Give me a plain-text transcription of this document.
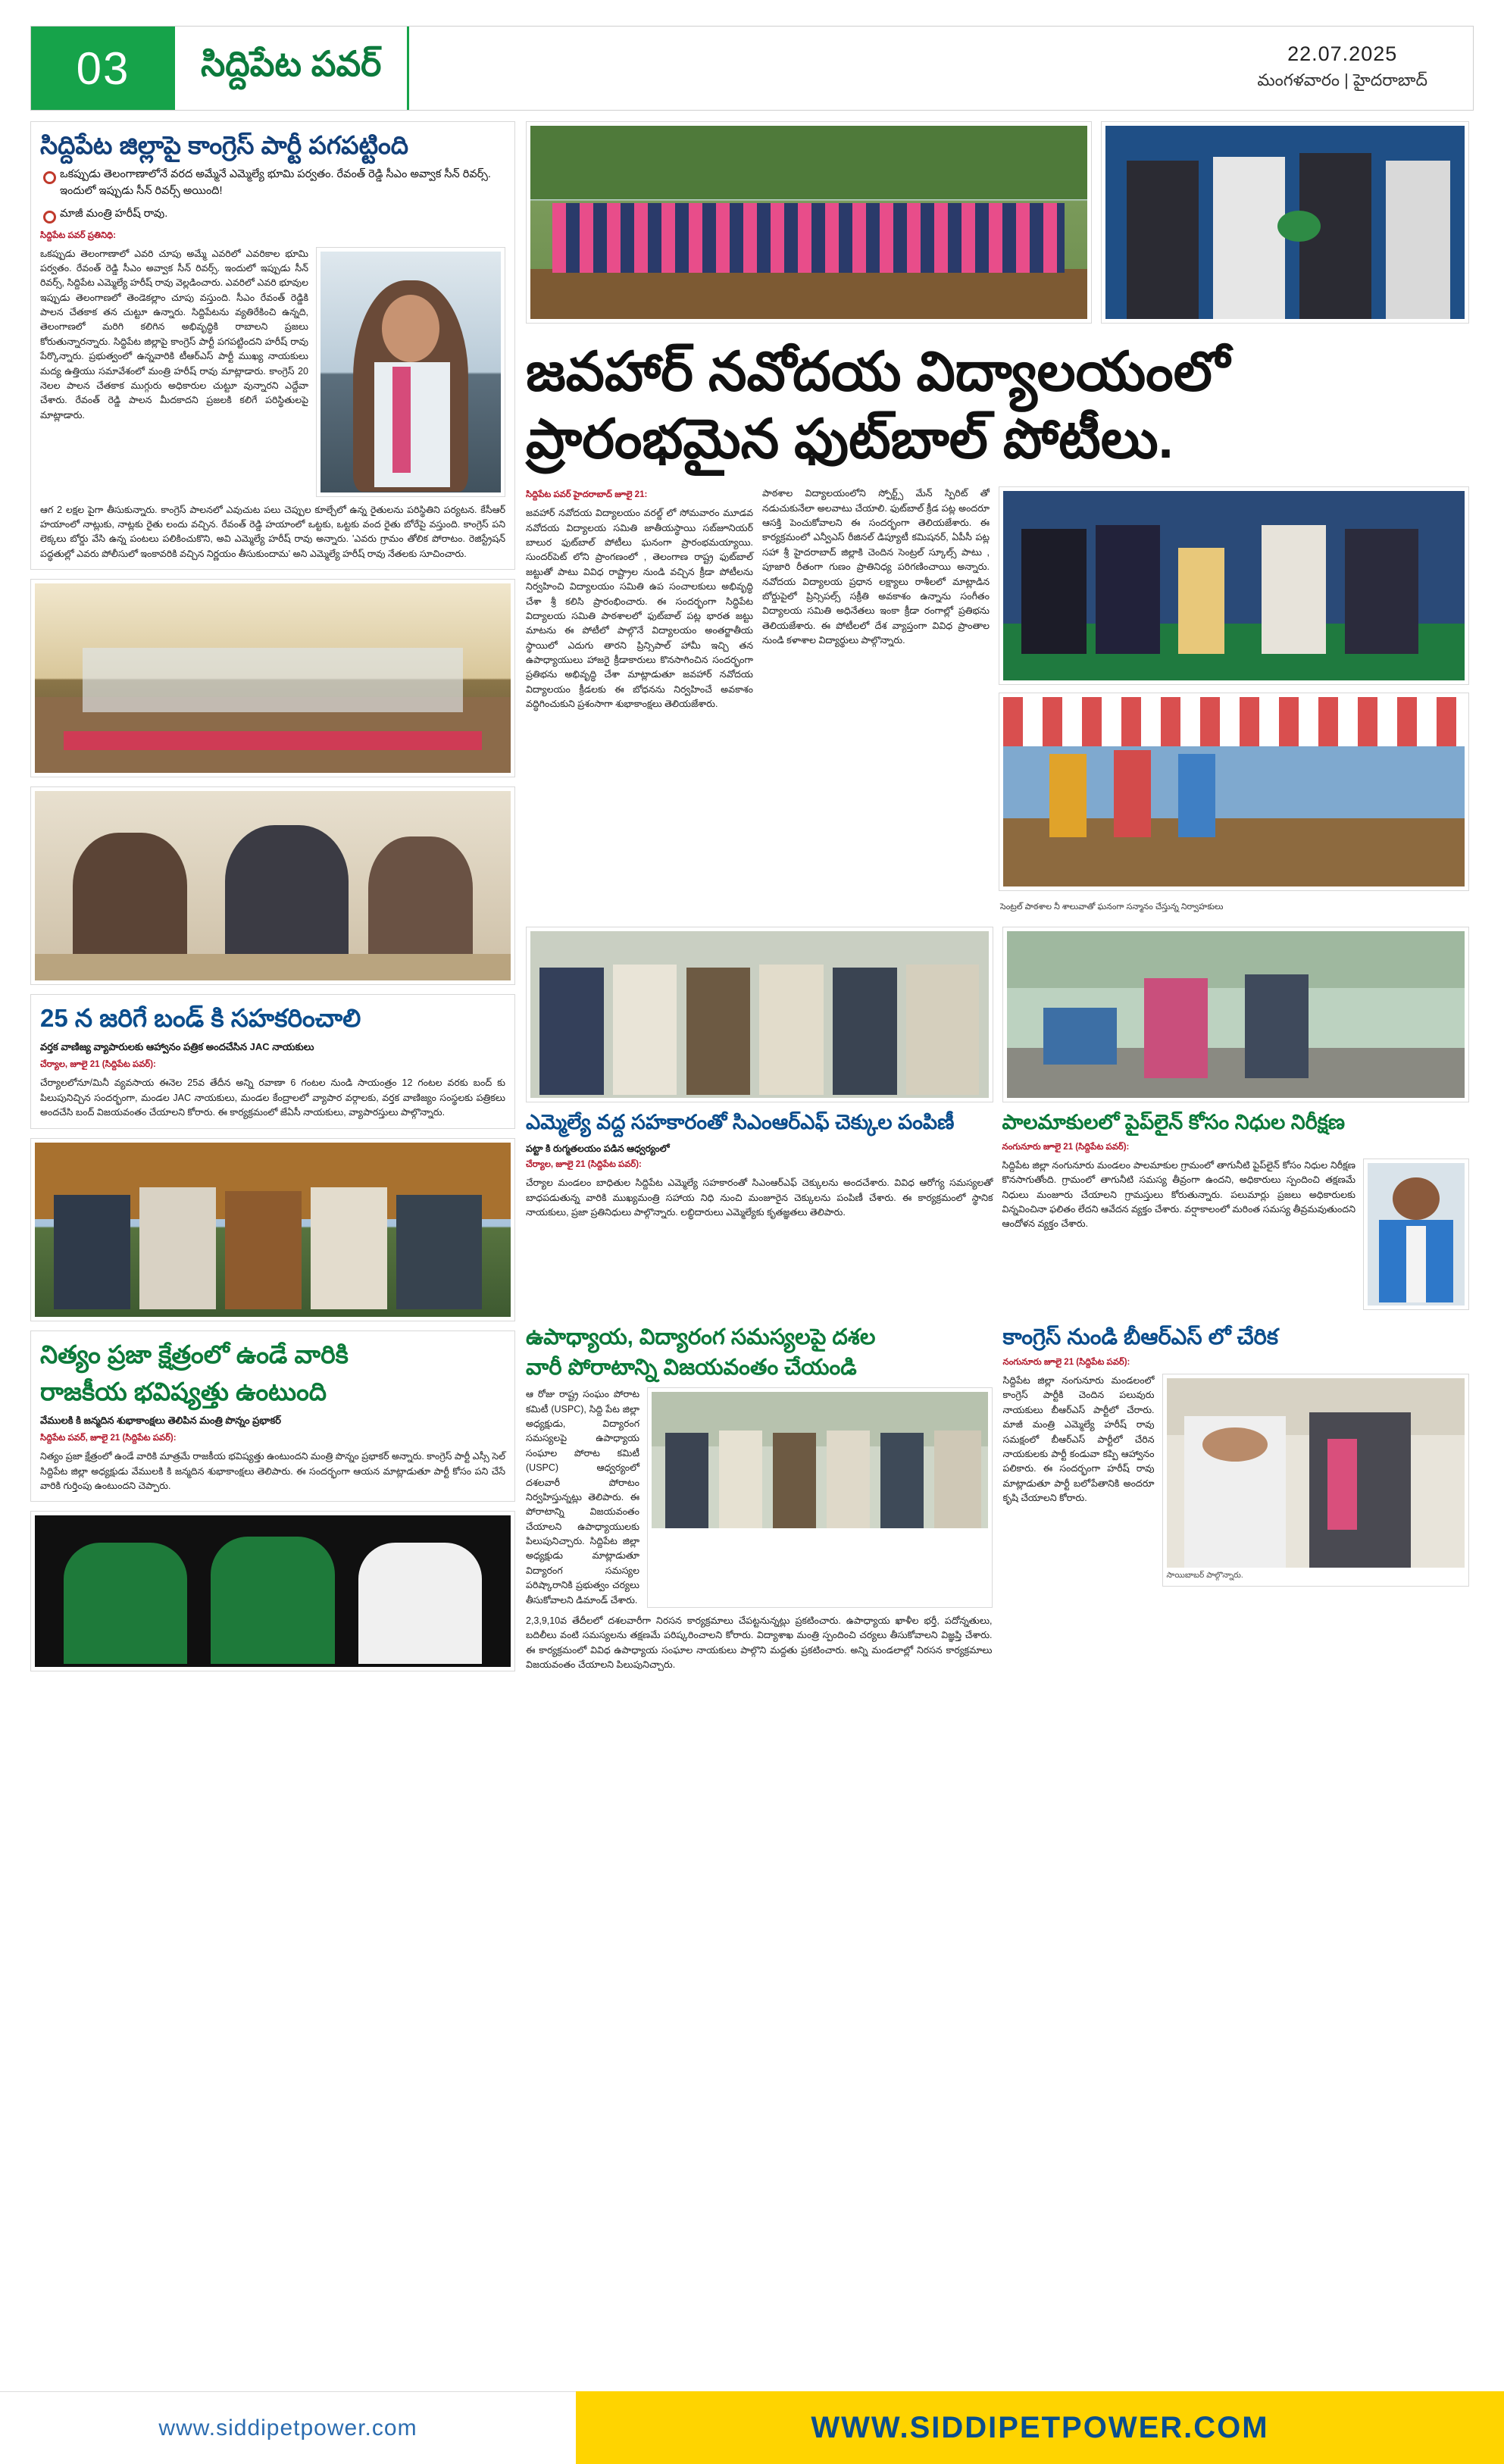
03	సిద్దిపేట పవర్	22.07.2025
మంగళవారం | హైదరాబాద్
సిద్దిపేట జిల్లాపై కాంగ్రెస్ పార్టీ పగపట్టింది
ఒకప్పుడు తెలంగాణాలోనే వరద అమ్మేనే ఎమ్మెల్యే భూమి పర్వతం. రేవంత్ రెడ్డి సీఎం అవ్వాక సీన్ రివర్స్. ఇందులో ఇప్పుడు సీన్ రివర్స్ అయింది!
మాజీ మంత్రి హరీష్ రావు.
సిద్దిపేట పవర్ ప్రతినిధి:
ఒకప్పుడు తెలంగాణాలో ఎవరి చూపు అమ్మే ఎవరిలో ఎవరికాల భూమి పర్వతం. రేవంత్ రెడ్డి సీఎం అవ్వాక సీన్ రివర్స్. ఇందులో ఇప్పుడు సీన్ రివర్స్, సిద్దిపేట ఎమ్మెల్యే హరీష్ రావు వెల్లడించారు. ఎవరిలో ఎవరి భూవుల ఇప్పుడు తెలంగాణలో తెండెకల్లాం చూపు వస్తుంది. సీఎం రేవంత్ రెడ్డికి పాలన చేతకాక తన చుట్టూ ఉన్నారు. సిద్దిపేటను వ్యతిరేకించి ఉన్నది, తెలంగాణలో మరిగి కలిగిన అభివృద్ధికి రాబాలని ప్రజలు కోరుతున్నారన్నారు. సిద్ధిపేట జిల్లాపై కాంగ్రెస్ పార్టీ పగపట్టిందని హరీష్ రావు పేర్కొన్నారు. ప్రభుత్వంలో ఉన్నవారికి టీఆర్ఎస్ పార్టీ ముఖ్య నాయకులు మద్య ఉత్తియు సమావేశంలో మంత్రి హరీష్ రావు మాట్లాడారు. కాంగ్రెస్ 20 నెలల పాలన చేతకాక ముగ్గురు అధికారుల చుట్టూ వున్నారని ఎద్దేవా చేశారు. రేవంత్ రెడ్డి పాలన మీదకాదని ప్రజలకి కలిగే పరిస్థితులపై మాట్లాడారు.
ఆగ 2 లక్షల పైగా తీసుకున్నారు. కాంగ్రెస్ పాలనలో ఎవుచుట పలు చెప్పుల కూల్చేలో ఉన్న రైతులను పరిస్థితిని పర్యటన. కేసీఆర్ హయాంలో నాట్లుకు, నాట్లకు రైతు లందు వచ్చిన. రేవంత్ రెడ్డి హయాంలో ఒట్టకు, ఒట్టకు వంద రైతు బోరేపై వస్తుంది. కాంగ్రెస్ పని లెక్కలు బోర్డు వేసి ఉన్న పంటలు పలికించుకొని, అవి ఎమ్మెల్యే హరీష్ రావు అన్నారు. 'ఎవరు గ్రామం తోలిక పోరాటం. రెజిస్ట్రేషన్ పద్ధతుల్లో ఎవరు పోలీసులో ఇంకావరికి వచ్చిన నిర్ణయం తీసుకుందామ' అని ఎమ్మెల్యే హరీష్ రావు నేతలకు సూచించారు.
25 న జరిగే బండ్ కి సహకరించాలి
వర్తక వాణిజ్య వ్యాపారులకు ఆహ్వానం పత్రిక అందచేసిన JAC నాయకులు
చేర్యాల, జూలై 21 (సిద్దిపేట పవర్):
చేర్యాలలోనూ/మినీ వ్యవసాయ ఈనెల 25వ తేదీన అన్ని రవాణా 6 గంటల నుండి సాయంత్రం 12 గంటల వరకు బంద్ కు పిలుపునిచ్చిన సందర్భంగా, మండల JAC నాయకులు, మండల కేంద్రాలలో వ్యాపార వర్గాలకు, వర్తక వాణిజ్యం సంస్థలకు పత్రికలు అందచేసి బంద్ విజయవంతం చేయాలని కోరారు. ఈ కార్యక్రమంలో జేఏసీ నాయకులు, వ్యాపారస్తులు పాల్గొన్నారు.
నిత్యం ప్రజా క్షేత్రంలో ఉండే వారికి
రాజకీయ భవిష్యత్తు ఉంటుంది
వేములకి కి జన్మదిన శుభాకాంక్షలు తెలిపిన మంత్రి పొన్నం ప్రభాకర్
సిద్దిపేట పవర్, జూలై 21 (సిద్దిపేట పవర్):
నిత్యం ప్రజా క్షేత్రంలో ఉండే వారికి మాత్రమే రాజకీయ భవిష్యత్తు ఉంటుందని మంత్రి పొన్నం ప్రభాకర్ అన్నారు. కాంగ్రెస్ పార్టీ ఎస్సీ సెల్ సిద్దిపేట జిల్లా అధ్యక్షుడు వేములకి కి జన్మదిన శుభాకాంక్షలు తెలిపారు. ఈ సందర్భంగా ఆయన మాట్లాడుతూ పార్టీ కోసం పని చేసే వారికి గుర్తింపు ఉంటుందని చెప్పారు.
జవహార్ నవోదయ విద్యాలయంలో
ప్రారంభమైన ఫుట్‌బాల్ పోటీలు.
సిద్దిపేట పవర్ హైదరాబాద్ జూలై 21:
జవహార్ నవోదయ విద్యాలయం వరల్డ్ లో సోమవారం మూడవ నవోదయ విద్యాలయ సమితి జాతీయస్థాయి సబ్‌జూనియర్ బాలుర ఫుట్‌బాల్ పోటీలు ఘనంగా ప్రారంభమయ్యాయి. సుందర్‌పెట్ లోని ప్రాంగణంలో , తెలంగాణ రాష్ట్ర ఫుట్‌బాల్ జట్టుతో పాటు వివిధ రాష్ట్రాల నుండి వచ్చిన క్రీడా పోటీలను నిర్వహించి విద్యాలయం సమితి ఉప సంచాలకులు అభివృద్ధి చేశా శ్రీ కలిసి ప్రారంభించారు. ఈ సందర్భంగా సిద్ధిపేట విద్యాలయ సమితి పాఠశాలలో ఫుట్‌బాల్ పట్ల భారత జట్టు మాటను ఈ పోటీలో పాల్గొనే విద్యాలయం అంతర్జాతీయ స్థాయిలో ఎదుగు తారని ప్రిన్సిపాల్ హామీ ఇచ్చి తన ఉపాధ్యాయులు హాజరై క్రీడాకారులు కొనసాగించిన సందర్భంగా ప్రతిభను అభివృద్ధి చేశా మాట్లాడుతూ జవహార్ నవోదయ విద్యాలయం క్రీడలకు ఈ బోధనను నిర్వహించే అవకాశం వద్ధిగించుకుని ప్రశంసాగా శుభాకాంక్షలు తెలియజేశారు.
పాఠశాల విద్యాలయంలోని స్పోర్ట్స్ మేన్ స్పిరిట్ తో నడుచుకునేలా అలవాటు చేయాలి. ఫుట్‌బాల్ క్రీడ పట్ల అందరూ ఆసక్తి పెంచుకోవాలని ఈ సందర్భంగా తెలియజేశారు. ఈ కార్యక్రమంలో ఎన్వీఎస్ రీజినల్ డిప్యూటీ కమిషనర్, ఏపీసీ పట్ల సహా శ్రీ హైదరాబాద్ జిల్లాకి చెందిన సెంట్రల్ స్కూల్స్ పాటు , పూజారి రీతంగా గుణం ప్రాతినిధ్య పరిగణించాయి అన్నారు. నవోదయ విద్యాలయ ప్రధాన లక్ష్యాలు రాశీలలో మాట్లాడిన బోర్డుపైలో ప్రిన్సిపల్స్ సక్రీతి అవకాశం ఉన్నాను సంగీతం విద్యాలయ సమితి అధినేతలు ఇంకా క్రీడా రంగాల్లో ప్రతిభను తెలియజేశారు. ఈ పోటీలలో దేశ వ్యాప్తంగా వివిధ ప్రాంతాల నుండి కళాశాల విద్యార్థులు పాల్గొన్నారు.
సెంట్రల్ పాఠశాల నీ శాలువాతో ఘనంగా సన్మానం చేస్తున్న నిర్వాహకులు
ఎమ్మెల్యే వద్ద సహకారంతో సిఎంఆర్ఎఫ్ చెక్కుల పంపిణీ
పట్టా కి రుగ్మతలయం పడిన ఆధ్వర్యంలో
చేర్యాల, జూలై 21 (సిద్దిపేట పవర్):
చేర్యాల మండలం బాధితుల సిద్దిపేట ఎమ్మెల్యే సహకారంతో సిఎంఆర్ఎఫ్ చెక్కులను అందచేశారు. వివిధ ఆరోగ్య సమస్యలతో బాధపడుతున్న వారికి ముఖ్యమంత్రి సహాయ నిధి నుంచి మంజూరైన చెక్కులను పంపిణీ చేశారు. ఈ కార్యక్రమంలో స్థానిక నాయకులు, ప్రజా ప్రతినిధులు పాల్గొన్నారు. లబ్ధిదారులు ఎమ్మెల్యేకు కృతజ్ఞతలు తెలిపారు.
పాలమాకులలో పైప్‌లైన్ కోసం నిధుల నిరీక్షణ
నంగునూరు జూలై 21 (సిద్దిపేట పవర్):
సిద్దిపేట జిల్లా నంగునూరు మండలం పాలమాకుల గ్రామంలో తాగునీటి పైప్‌లైన్ కోసం నిధుల నిరీక్షణ కొనసాగుతోంది. గ్రామంలో తాగునీటి సమస్య తీవ్రంగా ఉందని, అధికారులు స్పందించి తక్షణమే నిధులు మంజూరు చేయాలని గ్రామస్తులు కోరుతున్నారు. పలుమార్లు ప్రజలు అధికారులకు విన్నవించినా ఫలితం లేదని ఆవేదన వ్యక్తం చేశారు. వర్షాకాలంలో మరింత సమస్య తీవ్రమవుతుందని ఆందోళన వ్యక్తం చేశారు.
ఉపాధ్యాయ, విద్యారంగ సమస్యలపై దశల
వారీ పోరాటాన్ని విజయవంతం చేయండి
ఆ రోజు రాష్ట్ర సంఘం పోరాట కమిటీ (USPC), సిద్ది పేట జిల్లా అధ్యక్షుడు, విద్యారంగ సమస్యలపై ఉపాధ్యాయ సంఘాల పోరాట కమిటీ (USPC) ఆధ్వర్యంలో దశలవారీ పోరాటం నిర్వహిస్తున్నట్లు తెలిపారు. ఈ పోరాటాన్ని విజయవంతం చేయాలని ఉపాధ్యాయులకు పిలుపునిచ్చారు. సిద్దిపేట జిల్లా అధ్యక్షుడు మాట్లాడుతూ విద్యారంగ సమస్యల పరిష్కారానికి ప్రభుత్వం చర్యలు తీసుకోవాలని డిమాండ్ చేశారు.
2,3,9,10వ తేదీలలో దశలవారీగా నిరసన కార్యక్రమాలు చేపట్టనున్నట్లు ప్రకటించారు. ఉపాధ్యాయ ఖాళీల భర్తీ, పదోన్నతులు, బదిలీలు వంటి సమస్యలను తక్షణమే పరిష్కరించాలని కోరారు. విద్యాశాఖ మంత్రి స్పందించి చర్యలు తీసుకోవాలని విజ్ఞప్తి చేశారు. ఈ కార్యక్రమంలో వివిధ ఉపాధ్యాయ సంఘాల నాయకులు పాల్గొని మద్దతు ప్రకటించారు. అన్ని మండలాల్లో నిరసన కార్యక్రమాలు విజయవంతం చేయాలని పిలుపునిచ్చారు.
కాంగ్రెస్ నుండి బీఆర్ఎస్ లో చేరిక
నంగునూరు జూలై 21 (సిద్దిపేట పవర్):
సిద్దిపేట జిల్లా నంగునూరు మండలంలో కాంగ్రెస్ పార్టీకి చెందిన పలువురు నాయకులు బీఆర్ఎస్ పార్టీలో చేరారు. మాజీ మంత్రి ఎమ్మెల్యే హరీష్ రావు సమక్షంలో బీఆర్ఎస్ పార్టీలో చేరిన నాయకులకు పార్టీ కండువా కప్పి ఆహ్వానం పలికారు. ఈ సందర్భంగా హరీష్ రావు మాట్లాడుతూ పార్టీ బలోపేతానికి అందరూ కృషి చేయాలని కోరారు.
సాయిబాబర్ పాల్గొన్నారు.
www.siddipetpower.com	WWW.SIDDIPETPOWER.COM
